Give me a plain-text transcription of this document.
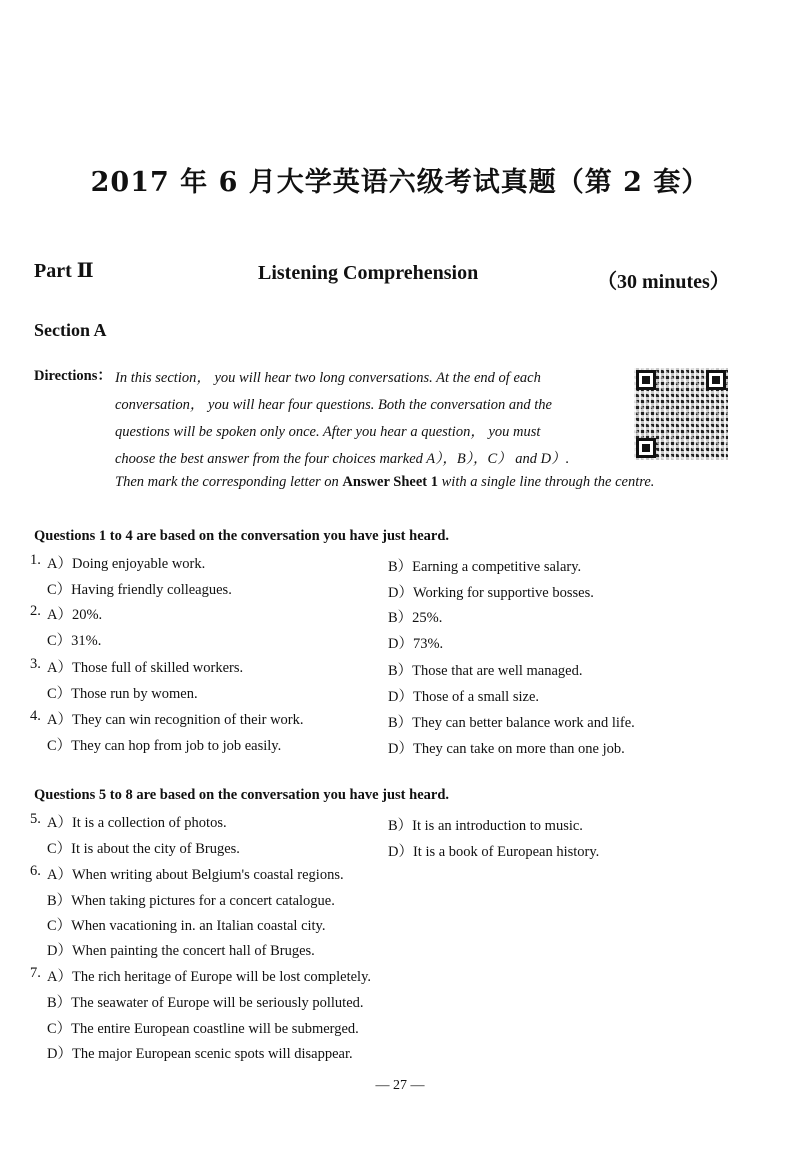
2017 年 6 月大学英语六级考试真题（第 2 套）
Part Ⅱ	Listening Comprehension	（30 minutes）
Section A
Directions： In this section， you will hear two long conversations. At the end of each
conversation， you will hear four questions. Both the conversation and the
questions will be spoken only once. After you hear a question， you must
choose the best answer from the four choices marked A），B），C） and D）.
Then mark the corresponding letter on Answer Sheet 1 with a single line through the centre.
Questions 1 to 4 are based on the conversation you have just heard.
1. A）Doing enjoyable work.	B）Earning a competitive salary.
C）Having friendly colleagues.	D）Working for supportive bosses.
2. A）20%.	B）25%.
C）31%.	D）73%.
3. A）Those full of skilled workers.	B）Those that are well managed.
C）Those run by women.	D）Those of a small size.
4. A）They can win recognition of their work.	B）They can better balance work and life.
C）They can hop from job to job easily.	D）They can take on more than one job.
Questions 5 to 8 are based on the conversation you have just heard.
5. A）It is a collection of photos.	B）It is an introduction to music.
C）It is about the city of Bruges.	D）It is a book of European history.
6. A）When writing about Belgium's coastal regions.
B）When taking pictures for a concert catalogue.
C）When vacationing in. an Italian coastal city.
D）When painting the concert hall of Bruges.
7. A）The rich heritage of Europe will be lost completely.
B）The seawater of Europe will be seriously polluted.
C）The entire European coastline will be submerged.
D）The major European scenic spots will disappear.
— 27 —
